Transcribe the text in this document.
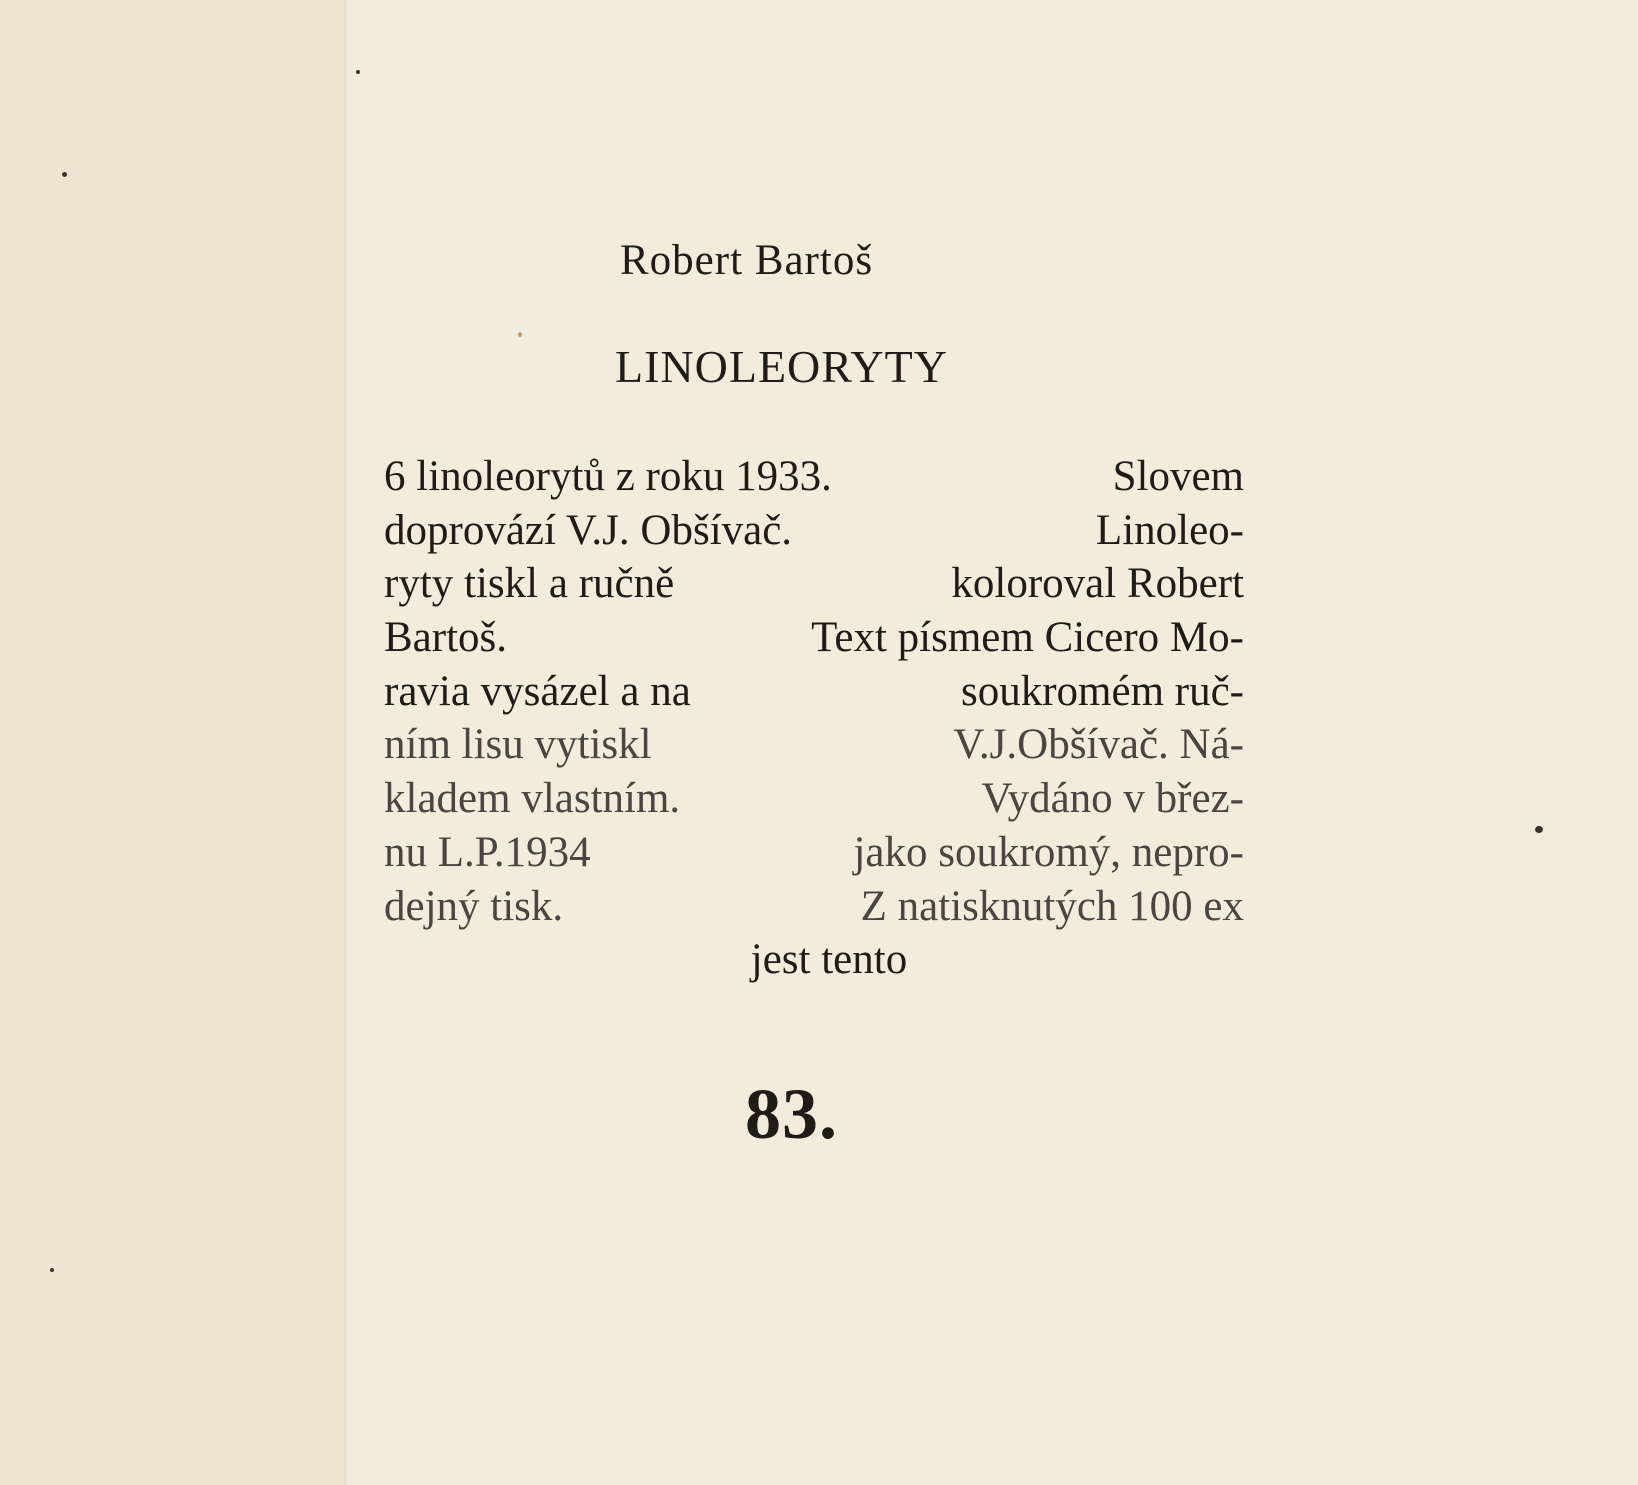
Robert Bartoš
LINOLEORYTY
6 linoleorytů z roku 1933.	Slovem
doprovází V.J. Obšívač.	Linoleo-
ryty tiskl a ručně	koloroval Robert
Bartoš.	Text písmem Cicero Mo-
ravia vysázel a na	soukromém ruč-
ním lisu vytiskl	V.J.Obšívač. Ná-
kladem vlastním.	Vydáno v břez-
nu L.P.1934	jako soukromý, nepro-
dejný tisk.	Z natisknutých 100 ex
jest tento
83.
